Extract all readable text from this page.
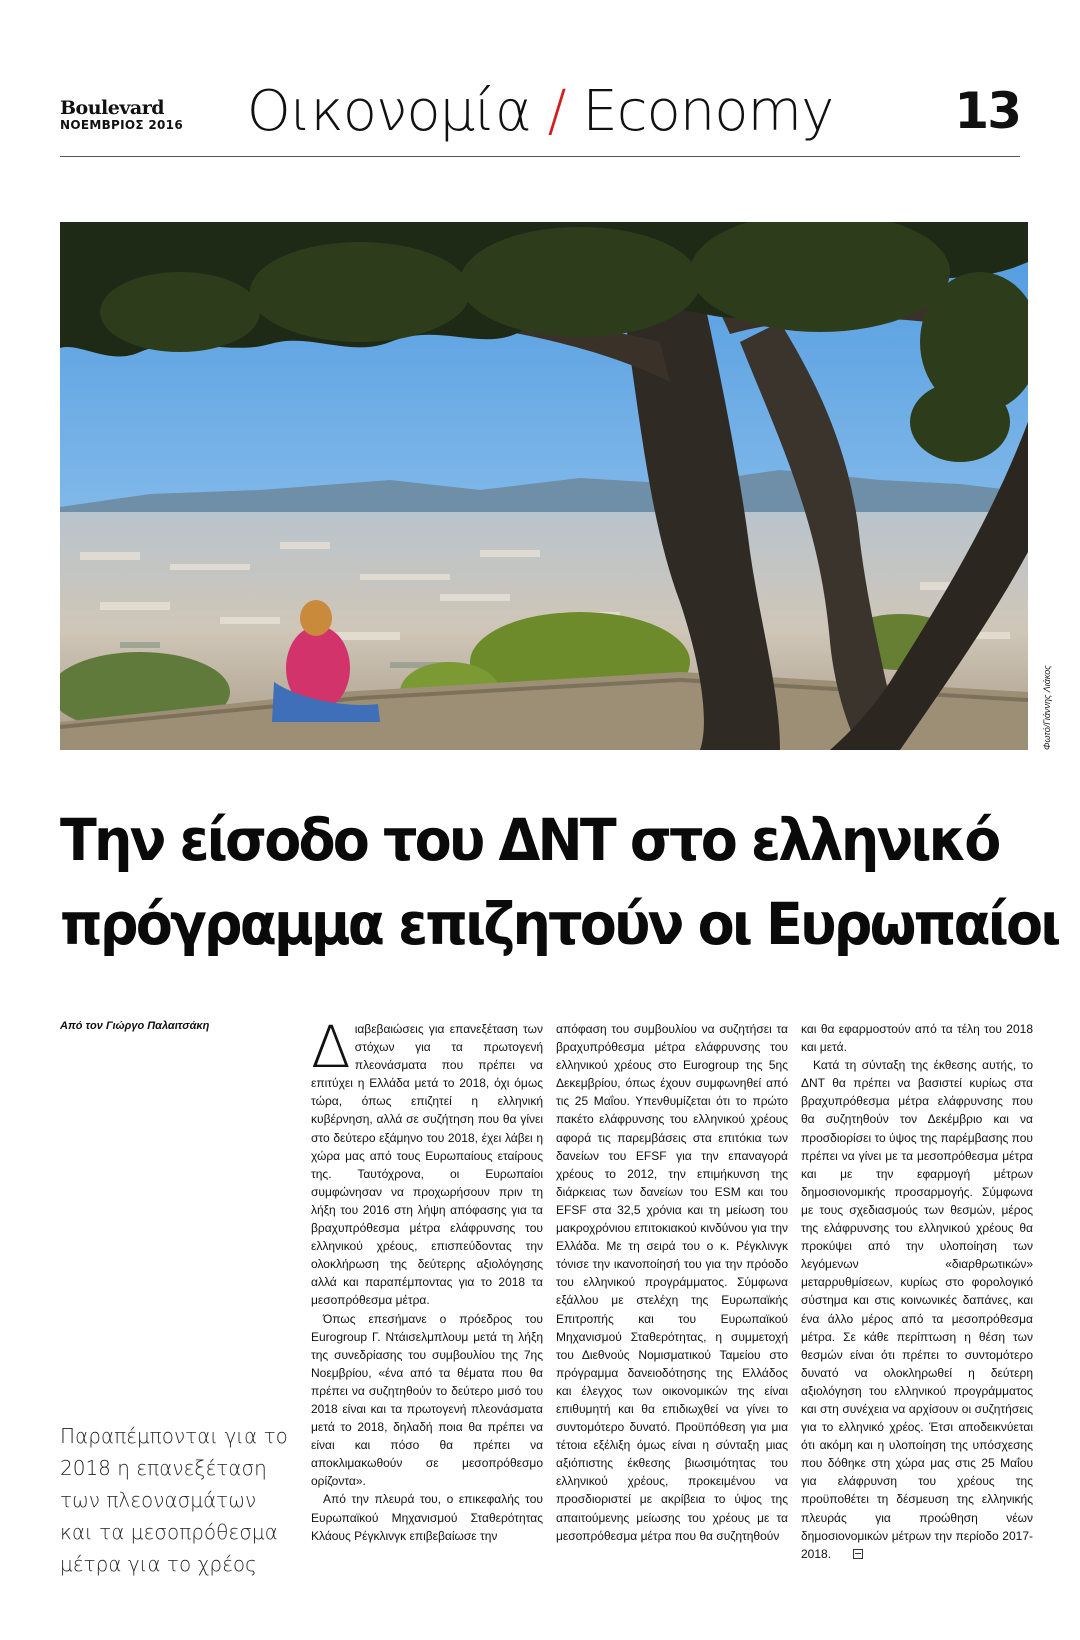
Boulevard
ΝΟΕΜΒΡΙΟΣ 2016	Οικονομία / Economy	13
Φωτό/Γιάννης Λιάκος
Την είσοδο του ΔΝΤ στο ελληνικό
πρόγραμμα επιζητούν οι Ευρωπαίοι
Από τον Γιώργο Παλαιτσάκη
Παραπέμπονται για το
2018 η επανεξέταση
των πλεονασμάτων
και τα μεσοπρόθεσμα
μέτρα για το χρέος

Διαβεβαιώσεις για επανεξέταση των στόχων για τα πρωτογενή πλεονάσματα που πρέπει να επιτύχει η Ελλάδα μετά το 2018, όχι όμως τώρα, όπως επιζητεί η ελληνική κυβέρνηση, αλλά σε συζήτηση που θα γίνει στο δεύτερο εξάμηνο του 2018, έχει λάβει η χώρα μας από τους Ευρωπαίους εταίρους της. Ταυτόχρονα, οι Ευρωπαίοι συμφώνησαν να προχωρήσουν πριν τη λήξη του 2016 στη λήψη απόφασης για τα βραχυπρόθεσμα μέτρα ελάφρυνσης του ελληνικού χρέους, επισπεύδοντας την ολοκλήρωση της δεύτερης αξιολόγησης αλλά και παραπέμποντας για το 2018 τα μεσοπρόθεσμα μέτρα.

Όπως επεσήμανε ο πρόεδρος του Eurogroup Γ. Ντάισελμπλουμ μετά τη λήξη της συνεδρίασης του συμβουλίου της 7ης Νοεμβρίου, «ένα από τα θέματα που θα πρέπει να συζητηθούν το δεύτερο μισό του 2018 είναι και τα πρωτογενή πλεονάσματα μετά το 2018, δηλαδή ποια θα πρέπει να είναι και πόσο θα πρέπει να αποκλιμακωθούν σε μεσοπρόθεσμο ορίζοντα».

Από την πλευρά του, ο επικεφαλής του Ευρωπαϊκού Μηχανισμού Σταθερότητας Κλάους Ρέγκλινγκ επιβεβαίωσε την

απόφαση του συμβουλίου να συζητήσει τα βραχυπρόθεσμα μέτρα ελάφρυνσης του ελληνικού χρέους στο Eurogroup της 5ης Δεκεμβρίου, όπως έχουν συμφωνηθεί από τις 25 Μαΐου. Υπενθυμίζεται ότι το πρώτο πακέτο ελάφρυνσης του ελληνικού χρέους αφορά τις παρεμβάσεις στα επιτόκια των δανείων του EFSF για την επαναγορά χρέους το 2012, την επιμήκυνση της διάρκειας των δανείων του ESM και του EFSF στα 32,5 χρόνια και τη μείωση του μακροχρόνιου επιτοκιακού κινδύνου για την Ελλάδα. Με τη σειρά του ο κ. Ρέγκλινγκ τόνισε την ικανοποίησή του για την πρόοδο του ελληνικού προγράμματος. Σύμφωνα εξάλλου με στελέχη της Ευρωπαϊκής Επιτροπής και του Ευρωπαϊκού Μηχανισμού Σταθερότητας, η συμμετοχή του Διεθνούς Νομισματικού Ταμείου στο πρόγραμμα δανειοδότησης της Ελλάδος και έλεγχος των οικονομικών της είναι επιθυμητή και θα επιδιωχθεί να γίνει το συντομότερο δυνατό. Προϋπόθεση για μια τέτοια εξέλιξη όμως είναι η σύνταξη μιας αξιόπιστης έκθεσης βιωσιμότητας του ελληνικού χρέους, προκειμένου να προσδιοριστεί με ακρίβεια το ύψος της απαιτούμενης μείωσης του χρέους με τα μεσοπρόθεσμα μέτρα που θα συζητηθούν

και θα εφαρμοστούν από τα τέλη του 2018 και μετά.

Κατά τη σύνταξη της έκθεσης αυτής, το ΔΝΤ θα πρέπει να βασιστεί κυρίως στα βραχυπρόθεσμα μέτρα ελάφρυνσης που θα συζητηθούν τον Δεκέμβριο και να προσδιορίσει το ύψος της παρέμβασης που πρέπει να γίνει με τα μεσοπρόθεσμα μέτρα και με την εφαρμογή μέτρων δημοσιονομικής προσαρμογής. Σύμφωνα με τους σχεδιασμούς των θεσμών, μέρος της ελάφρυνσης του ελληνικού χρέους θα προκύψει από την υλοποίηση των λεγόμενων «διαρθρωτικών» μεταρρυθμίσεων, κυρίως στο φορολογικό σύστημα και στις κοινωνικές δαπάνες, και ένα άλλο μέρος από τα μεσοπρόθεσμα μέτρα. Σε κάθε περίπτωση η θέση των θεσμών είναι ότι πρέπει το συντομότερο δυνατό να ολοκληρωθεί η δεύτερη αξιολόγηση του ελληνικού προγράμματος και στη συνέχεια να αρχίσουν οι συζητήσεις για το ελληνικό χρέος. Έτσι αποδεικνύεται ότι ακόμη και η υλοποίηση της υπόσχεσης που δόθηκε στη χώρα μας στις 25 Μαΐου για ελάφρυνση του χρέους της προϋποθέτει τη δέσμευση της ελληνικής πλευράς για προώθηση νέων δημοσιονομικών μέτρων την περίοδο 2017-2018.
